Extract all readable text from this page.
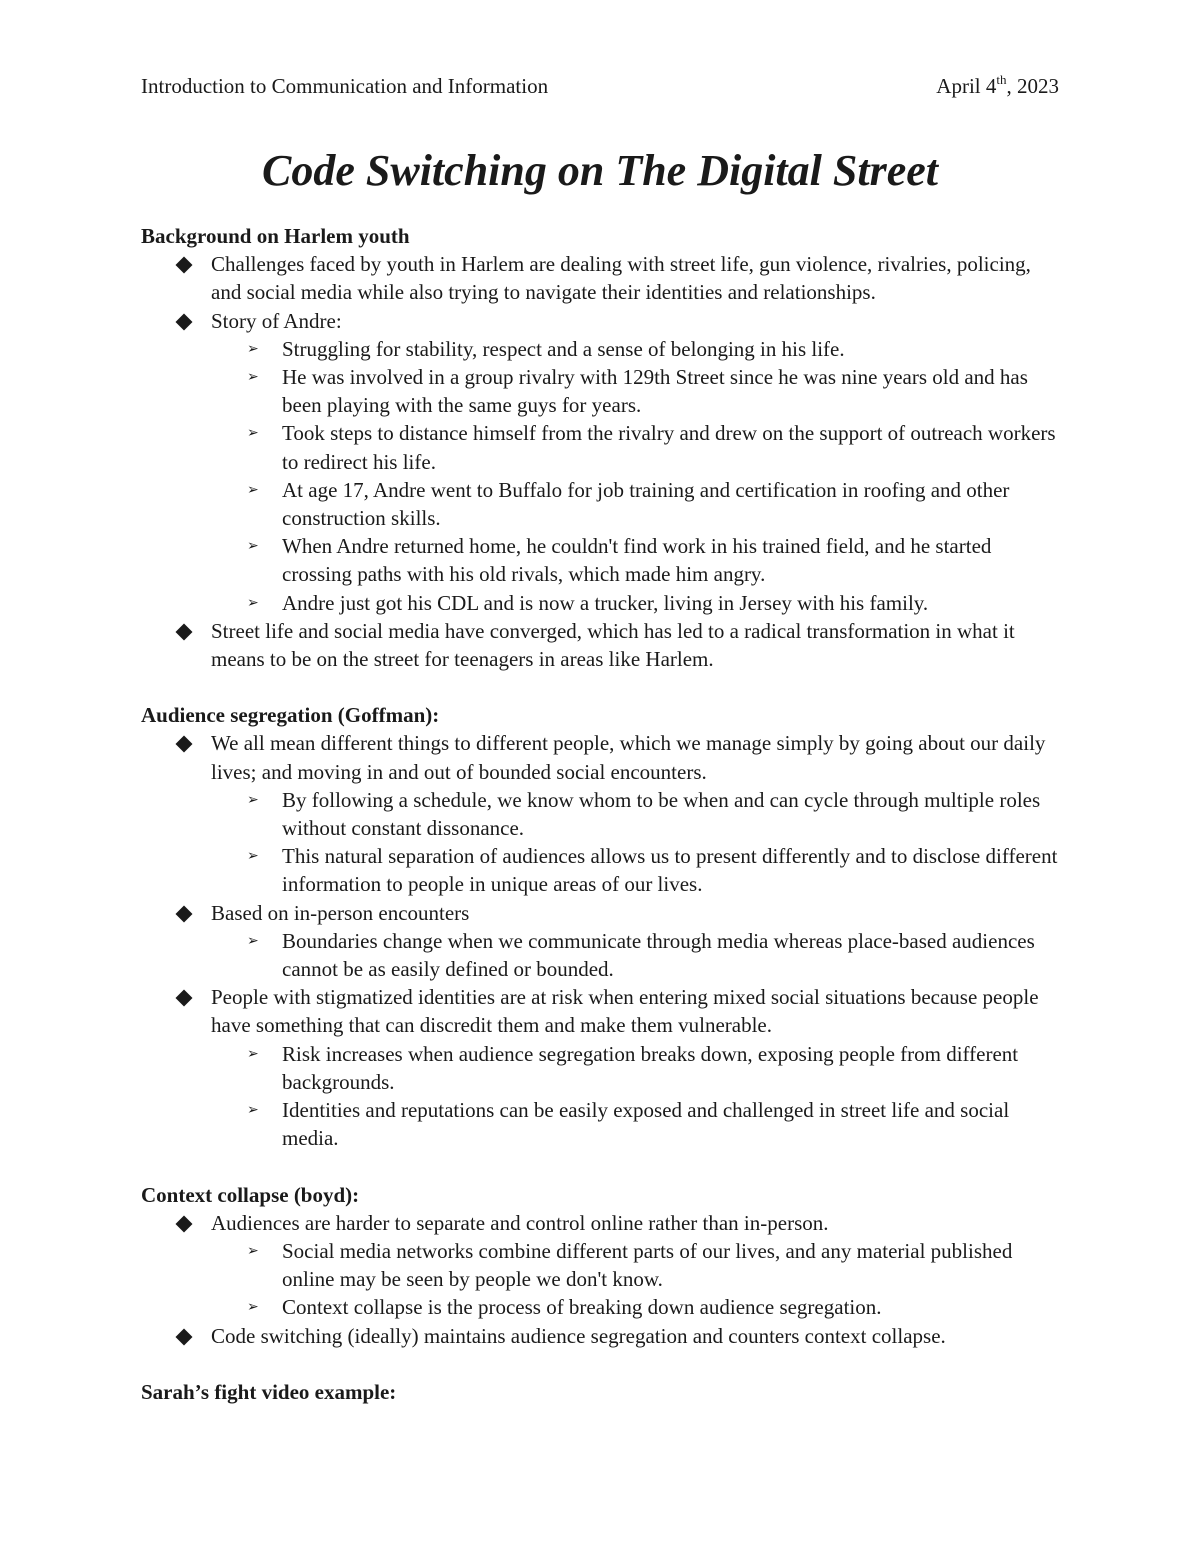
Introduction to Communication and Information	April 4th, 2023
Code Switching on The Digital Street

Background on Harlem youth

Challenges faced by youth in Harlem are dealing with street life, gun violence, rivalries, policing, and social media while also trying to navigate their identities and relationships.
Story of Andre:
➢ Struggling for stability, respect and a sense of belonging in his life.
➢ He was involved in a group rivalry with 129th Street since he was nine years old and has been playing with the same guys for years.
➢ Took steps to distance himself from the rivalry and drew on the support of outreach workers to redirect his life.
➢ At age 17, Andre went to Buffalo for job training and certification in roofing and other construction skills.
➢ When Andre returned home, he couldn't find work in his trained field, and he started crossing paths with his old rivals, which made him angry.
➢ Andre just got his CDL and is now a trucker, living in Jersey with his family.
Street life and social media have converged, which has led to a radical transformation in what it means to be on the street for teenagers in areas like Harlem.

Audience segregation (Goffman):

We all mean different things to different people, which we manage simply by going about our daily lives; and moving in and out of bounded social encounters.
➢ By following a schedule, we know whom to be when and can cycle through multiple roles without constant dissonance.
➢ This natural separation of audiences allows us to present differently and to disclose different information to people in unique areas of our lives.
Based on in-person encounters
➢ Boundaries change when we communicate through media whereas place-based audiences cannot be as easily defined or bounded.
People with stigmatized identities are at risk when entering mixed social situations because people have something that can discredit them and make them vulnerable.
➢ Risk increases when audience segregation breaks down, exposing people from different backgrounds.
➢ Identities and reputations can be easily exposed and challenged in street life and social media.

Context collapse (boyd):

Audiences are harder to separate and control online rather than in-person.
➢ Social media networks combine different parts of our lives, and any material published online may be seen by people we don't know.
➢ Context collapse is the process of breaking down audience segregation.
Code switching (ideally) maintains audience segregation and counters context collapse.

Sarah’s fight video example:
